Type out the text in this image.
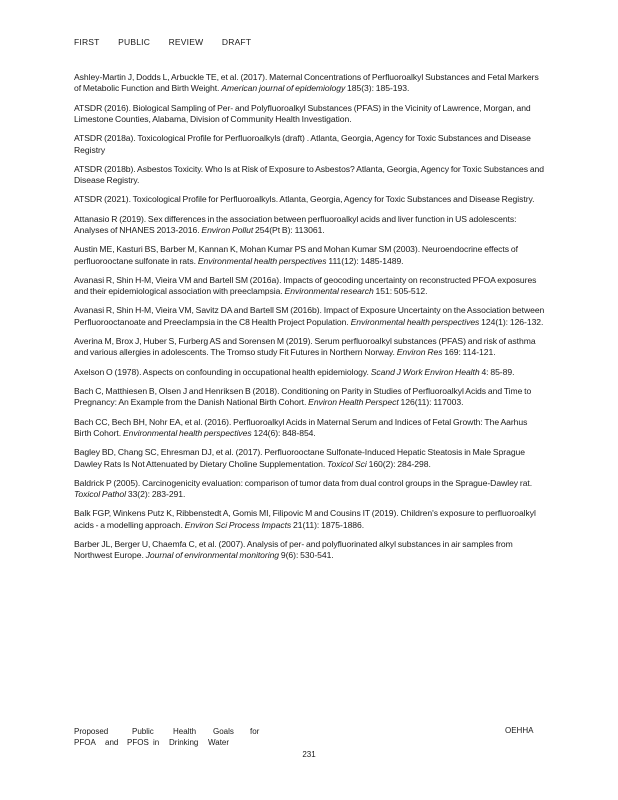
FIRST PUBLIC REVIEW DRAFT

Ashley-Martin J, Dodds L, Arbuckle TE, et al. (2017). Maternal Concentrations of Perfluoroalkyl Substances and Fetal Markers of Metabolic Function and Birth Weight. American journal of epidemiology 185(3): 185-193.

ATSDR (2016). Biological Sampling of Per- and Polyfluoroalkyl Substances (PFAS) in the Vicinity of Lawrence, Morgan, and Limestone Counties, Alabama, Division of Community Health Investigation.

ATSDR (2018a). Toxicological Profile for Perfluoroalkyls (draft) . Atlanta, Georgia, Agency for Toxic Substances and Disease Registry

ATSDR (2018b). Asbestos Toxicity. Who Is at Risk of Exposure to Asbestos? Atlanta, Georgia, Agency for Toxic Substances and Disease Registry.

ATSDR (2021). Toxicological Profile for Perfluoroalkyls. Atlanta, Georgia, Agency for Toxic Substances and Disease Registry.

Attanasio R (2019). Sex differences in the association between perfluoroalkyl acids and liver function in US adolescents: Analyses of NHANES 2013-2016. Environ Pollut 254(Pt B): 113061.

Austin ME, Kasturi BS, Barber M, Kannan K, Mohan Kumar PS and Mohan Kumar SM (2003). Neuroendocrine effects of perfluorooctane sulfonate in rats. Environmental health perspectives 111(12): 1485-1489.

Avanasi R, Shin H-M, Vieira VM and Bartell SM (2016a). Impacts of geocoding uncertainty on reconstructed PFOA exposures and their epidemiological association with preeclampsia. Environmental research 151: 505-512.

Avanasi R, Shin H-M, Vieira VM, Savitz DA and Bartell SM (2016b). Impact of Exposure Uncertainty on the Association between Perfluorooctanoate and Preeclampsia in the C8 Health Project Population. Environmental health perspectives 124(1): 126-132.

Averina M, Brox J, Huber S, Furberg AS and Sorensen M (2019). Serum perfluoroalkyl substances (PFAS) and risk of asthma and various allergies in adolescents. The Tromso study Fit Futures in Northern Norway. Environ Res 169: 114-121.

Axelson O (1978). Aspects on confounding in occupational health epidemiology. Scand J Work Environ Health 4: 85-89.

Bach C, Matthiesen B, Olsen J and Henriksen B (2018). Conditioning on Parity in Studies of Perfluoroalkyl Acids and Time to Pregnancy: An Example from the Danish National Birth Cohort. Environ Health Perspect 126(11): 117003.

Bach CC, Bech BH, Nohr EA, et al. (2016). Perfluoroalkyl Acids in Maternal Serum and Indices of Fetal Growth: The Aarhus Birth Cohort. Environmental health perspectives 124(6): 848-854.

Bagley BD, Chang SC, Ehresman DJ, et al. (2017). Perfluorooctane Sulfonate-Induced Hepatic Steatosis in Male Sprague Dawley Rats Is Not Attenuated by Dietary Choline Supplementation. Toxicol Sci 160(2): 284-298.

Baldrick P (2005). Carcinogenicity evaluation: comparison of tumor data from dual control groups in the Sprague-Dawley rat. Toxicol Pathol 33(2): 283-291.

Balk FGP, Winkens Putz K, Ribbenstedt A, Gomis MI, Filipovic M and Cousins IT (2019). Children's exposure to perfluoroalkyl acids - a modelling approach. Environ Sci Process Impacts 21(11): 1875-1886.

Barber JL, Berger U, Chaemfa C, et al. (2007). Analysis of per- and polyfluorinated alkyl substances in air samples from Northwest Europe. Journal of environmental monitoring 9(6): 530-541.

Proposed	Public	Health	Goals	for
PFOA	and	PFOS in	Drinking	Water
OEHHA
231
